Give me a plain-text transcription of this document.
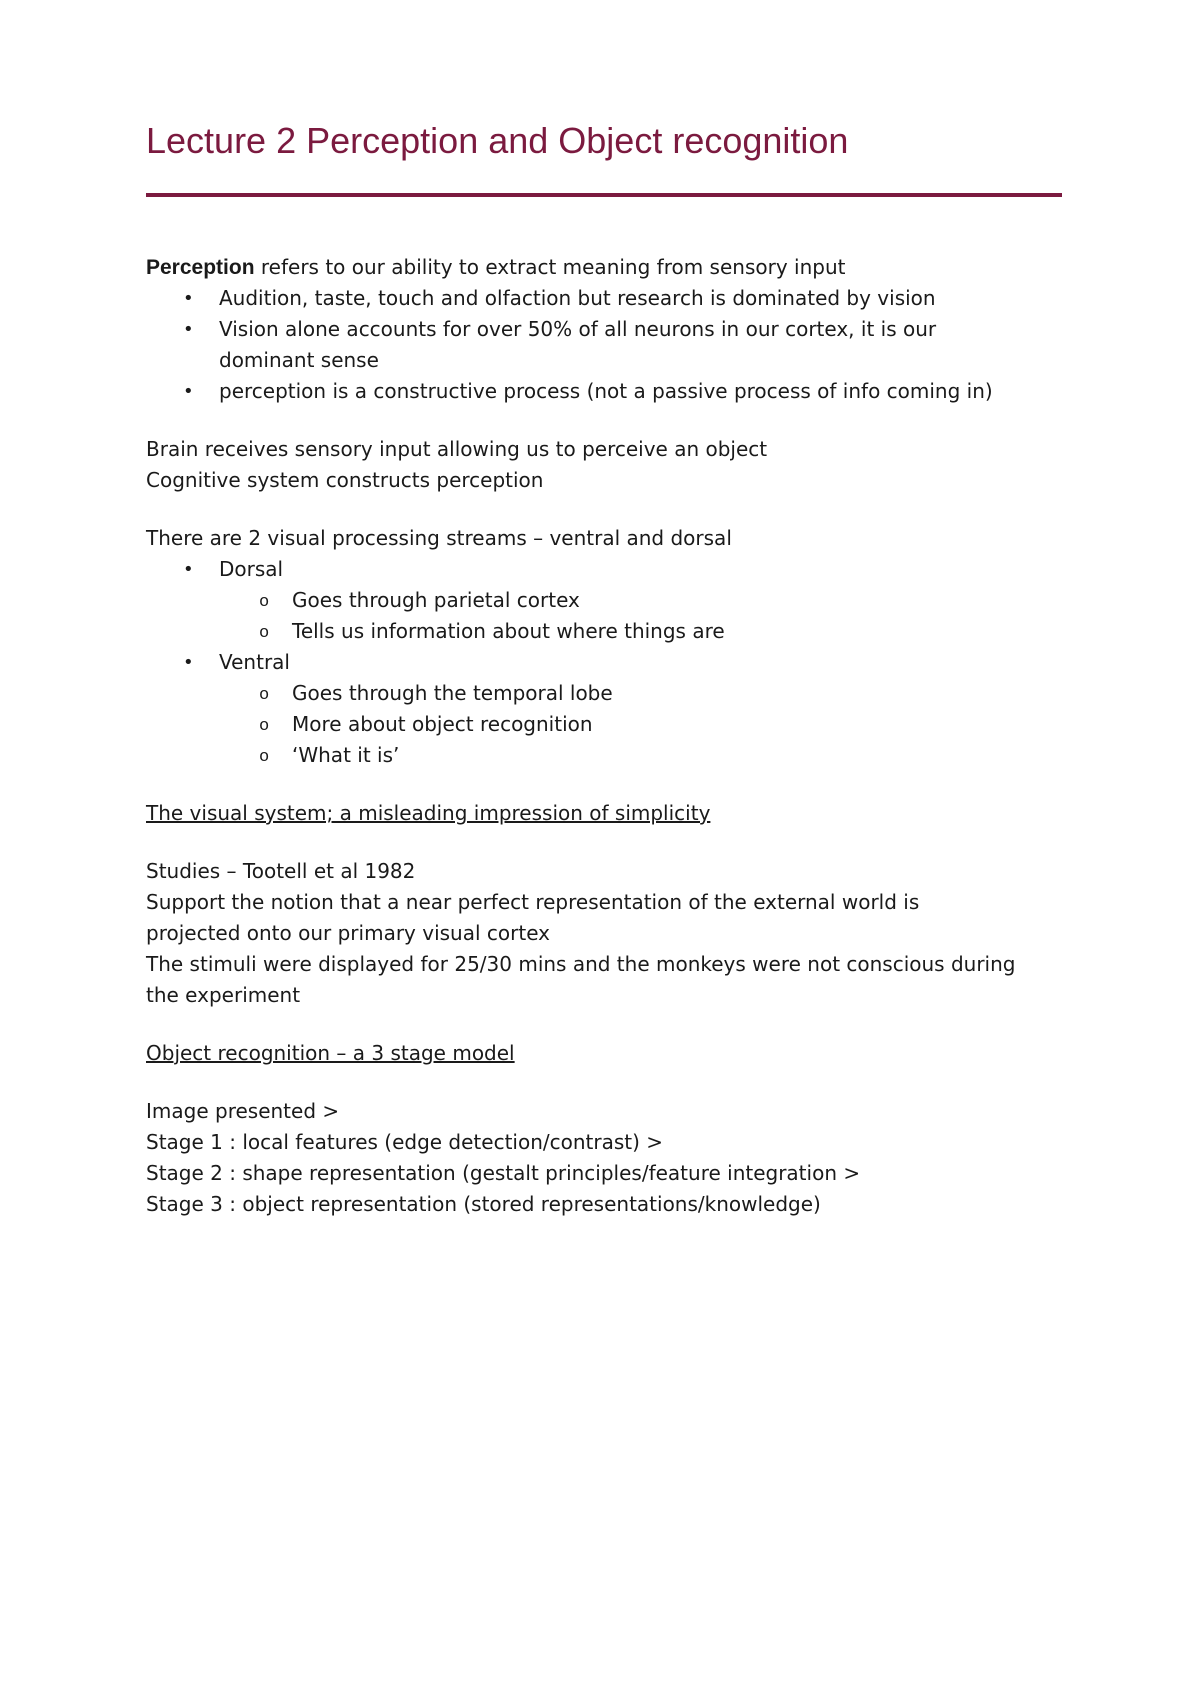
Lecture 2 Perception and Object recognition

Perception refers to our ability to extract meaning from sensory input

• Audition, taste, touch and olfaction but research is dominated by vision
• Vision alone accounts for over 50% of all neurons in our cortex, it is our dominant sense
• perception is a constructive process (not a passive process of info coming in)

Brain receives sensory input allowing us to perceive an object

Cognitive system constructs perception

There are 2 visual processing streams – ventral and dorsal

• Dorsal
o Goes through parietal cortex
o Tells us information about where things are
• Ventral
o Goes through the temporal lobe
o More about object recognition
o ‘What it is’

The visual system; a misleading impression of simplicity

Studies – Tootell et al 1982

Support the notion that a near perfect representation of the external world is

projected onto our primary visual cortex

The stimuli were displayed for 25/30 mins and the monkeys were not conscious during

the experiment

Object recognition – a 3 stage model

Image presented >

Stage 1 : local features (edge detection/contrast) >

Stage 2 : shape representation (gestalt principles/feature integration >

Stage 3 : object representation (stored representations/knowledge)
